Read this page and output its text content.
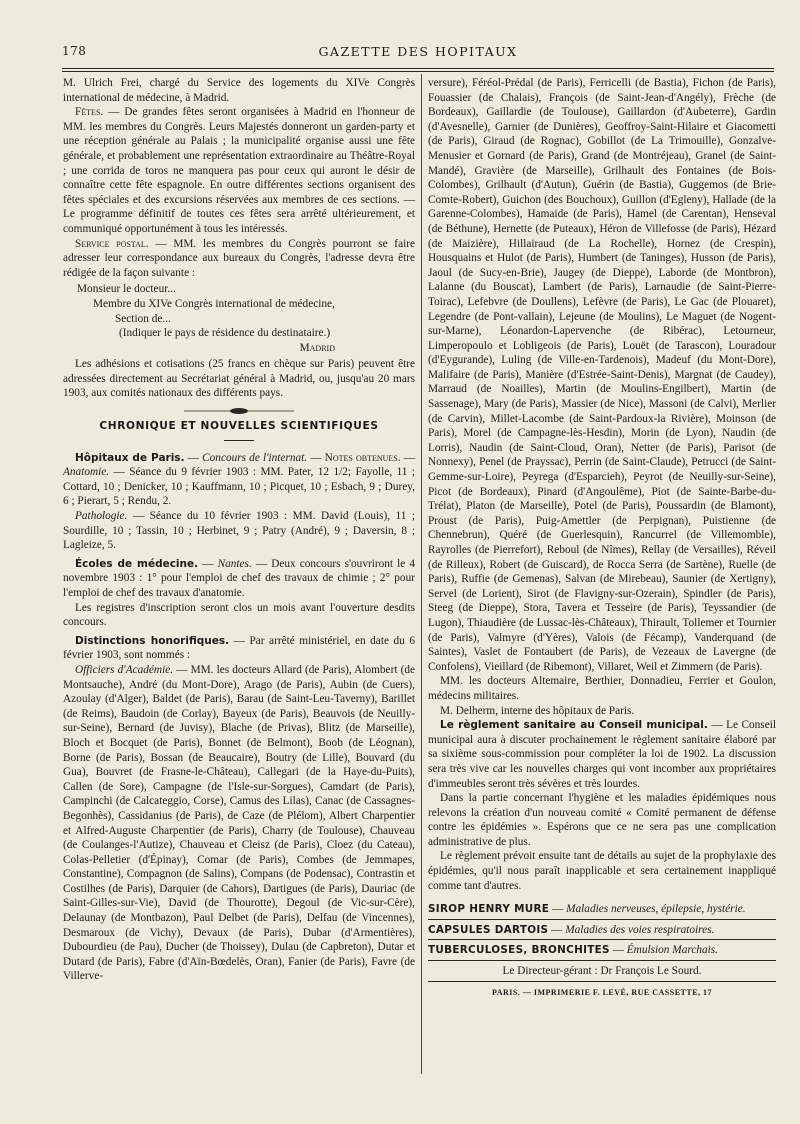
178	GAZETTE DES HOPITAUX

M. Ulrich Frei, chargé du Service des logements du XIVe Congrès international de médecine, à Madrid.

Fêtes. — De grandes fêtes seront organisées à Madrid en l'honneur de MM. les membres du Congrès. Leurs Majestés donneront un garden-party et une réception générale au Palais ; la municipalité organise aussi une fête générale, et probablement une représentation extraordinaire au Théâtre-Royal ; une corrida de toros ne manquera pas pour ceux qui auront le désir de connaître cette fête espagnole. En outre différentes sections organisent des fêtes spéciales et des excursions réservées aux membres de ces sections. — Le programme définitif de toutes ces fêtes sera arrêté ultérieurement, et communiqué opportunément à tous les intéressés.

Service postal. — MM. les membres du Congrès pourront se faire adresser leur correspondance aux bureaux du Congrès, l'adresse devra être rédigée de la façon suivante :

Monsieur le docteur...
Membre du XIVe Congrès international de médecine,
Section de...
(Indiquer le pays de résidence du destinataire.)
Madrid

Les adhésions et cotisations (25 francs en chèque sur Paris) peuvent être adressées directement au Secrétariat général à Madrid, ou, jusqu'au 20 mars 1903, aux comités nationaux des différents pays.

CHRONIQUE ET NOUVELLES SCIENTIFIQUES

Hôpitaux de Paris. — Concours de l'internat. — Notes obtenues. — Anatomie. — Séance du 9 février 1903 : MM. Pater, 12 1/2; Fayolle, 11 ; Cottard, 10 ; Denicker, 10 ; Kauffmann, 10 ; Picquet, 10 ; Esbach, 9 ; Durey, 6 ; Pierart, 5 ; Rendu, 2.

Pathologie. — Séance du 10 février 1903 : MM. David (Louis), 11 ; Sourdille, 10 ; Tassin, 10 ; Herbinet, 9 ; Patry (André), 9 ; Daversin, 8 ; Lagleize, 5.

Écoles de médecine. — Nantes. — Deux concours s'ouvriront le 4 novembre 1903 : 1° pour l'emploi de chef des travaux de chimie ; 2° pour l'emploi de chef des travaux d'anatomie.

Les registres d'inscription seront clos un mois avant l'ouverture desdits concours.

Distinctions honorifiques. — Par arrêté ministériel, en date du 6 février 1903, sont nommés :

Officiers d'Académie. — MM. les docteurs Allard (de Paris), Alombert (de Montsauche), André (du Mont-Dore), Arago (de Paris), Aubin (de Cuers), Azoulay (d'Alger), Baldet (de Paris), Barau (de Saint-Leu-Taverny), Barillet (de Reims), Baudoin (de Corlay), Bayeux (de Paris), Beauvois (de Neuilly-sur-Seine), Bernard (de Juvisy), Blache (de Privas), Blitz (de Marseille), Bloch et Bocquet (de Paris), Bonnet (de Belmont), Boob (de Léognan), Borne (de Paris), Bossan (de Beaucaire), Boutry (de Lille), Bouvard (du Gua), Bouvret (de Frasne-le-Château), Callegari (de la Haye-du-Puits), Callen (de Sore), Campagne (de l'Isle-sur-Sorgues), Camdart (de Paris), Campinchi (de Calcateggio, Corse), Camus des Lilas), Canac (de Cassagnes-Begonhès), Cassidanius (de Paris), de Caze (de Plélom), Albert Charpentier et Alfred-Auguste Charpentier (de Paris), Charry (de Toulouse), Chauveau (de Coulanges-l'Autize), Chauveau et Cleisz (de Paris), Cloez (du Cateau), Colas-Pelletier (d'Épinay), Comar (de Paris), Combes (de Jemmapes, Constantine), Compagnon (de Salins), Compans (de Podensac), Contrastin et Costilhes (de Paris), Darquier (de Cahors), Dartigues (de Paris), Dauriac (de Saint-Gilles-sur-Vie), David (de Thourotte), Degoul (de Vic-sur-Cère), Delaunay (de Montbazon), Paul Delbet (de Paris), Delfau (de Vincennes), Desmaroux (de Vichy), Devaux (de Paris), Dubar (d'Armentières), Dubourdieu (de Pau), Ducher (de Thoissey), Dulau (de Capbreton), Dutar et Dutard (de Paris), Fabre (d'Aïn-Bœdelès, Oran), Fanier (de Paris), Favre (de Villerve-

versure), Féréol-Prédal (de Paris), Ferricelli (de Bastia), Fichon (de Paris), Fouassier (de Chalais), François (de Saint-Jean-d'Angély), Frèche (de Bordeaux), Gaillardie (de Toulouse), Gaillardon (d'Aubeterre), Gardin (d'Avesnelle), Garnier (de Dunières), Geoffroy-Saint-Hilaire et Giacometti (de Paris), Giraud (de Rognac), Gobillot (de La Trimouille), Gonzalve-Menusier et Gornard (de Paris), Grand (de Montréjeau), Granel (de Saint-Mandé), Gravière (de Marseille), Grilhault des Fontaines (de Bois-Colombes), Grilhault (d'Autun), Guérin (de Bastia), Guggemos (de Brie-Comte-Robert), Guichon (des Bouchoux), Guillon (d'Egleny), Hallade (de la Garenne-Colombes), Hamaide (de Paris), Hamel (de Carentan), Henseval (de Béthune), Hernette (de Puteaux), Héron de Villefosse (de Paris), Hézard (de Maizière), Hillairaud (de La Rochelle), Hornez (de Crespin), Housquains et Hulot (de Paris), Humbert (de Taninges), Husson (de Paris), Jaoul (de Sucy-en-Brie), Jaugey (de Dieppe), Laborde (de Montbron), Lalanne (du Bouscat), Lambert (de Paris), Larnaudie (de Saint-Pierre-Toirac), Lefebvre (de Doullens), Lefèvre (de Paris), Le Gac (de Plouaret), Legendre (de Pont-vallain), Lejeune (de Moulins), Le Maguet (de Nogent-sur-Marne), Léonardon-Lapervenche (de Ribérac), Letourneur, Limperopoulo et Lobligeois (de Paris), Louët (de Tarascon), Louradour (d'Eygurande), Luling (de Ville-en-Tardenois), Madeuf (du Mont-Dore), Malifaire (de Paris), Manière (d'Estrée-Saint-Denis), Margnat (de Caudey), Marraud (de Noailles), Martin (de Moulins-Engilbert), Martin (de Sassenage), Mary (de Paris), Massier (de Nice), Massoni (de Calvi), Merlier (de Carvin), Millet-Lacombe (de Saint-Pardoux-la Rivière), Moinson (de Paris), Morel (de Campagne-lès-Hesdin), Morin (de Lyon), Naudin (de Lorris), Naudin (de Saint-Cloud, Oran), Netter (de Paris), Parisot (de Nonnexy), Penel (de Prayssac), Perrin (de Saint-Claude), Petrucci (de Saint-Gemme-sur-Loire), Peyrega (d'Esparcieh), Peyrot (de Neuilly-sur-Seine), Picot (de Bordeaux), Pinard (d'Angoulême), Piot (de Sainte-Barbe-du-Trélat), Platon (de Marseille), Potel (de Paris), Poussardin (de Blamont), Proust (de Paris), Puig-Amettler (de Perpignan), Puistienne (de Chennebrun), Quéré (de Guerlesquin), Rancurrel (de Villemomble), Rayrolles (de Pierrefort), Reboul (de Nîmes), Rellay (de Versailles), Réveil (de Rilleux), Robert (de Guiscard), de Rocca Serra (de Sartène), Ruelle (de Paris), Ruffie (de Gemenas), Salvan (de Mirebeau), Saunier (de Xertigny), Servel (de Lorient), Sirot (de Flavigny-sur-Ozerain), Spindler (de Paris), Steeg (de Dieppe), Stora, Tavera et Tesseire (de Paris), Teyssandier (de Lugon), Thiaudière (de Lussac-lès-Châteaux), Thirault, Tollemer et Tournier (de Paris), Valmyre (d'Yères), Valois (de Fécamp), Vanderquand (de Saintes), Vaslet de Fontaubert (de Paris), de Vezeaux de Lavergne (de Confolens), Vieillard (de Ribemont), Villaret, Weil et Zimmern (de Paris).

MM. les docteurs Altemaire, Berthier, Donnadieu, Ferrier et Goulon, médecins militaires.

M. Delherm, interne des hôpitaux de Paris.

Le règlement sanitaire au Conseil municipal. — Le Conseil municipal aura à discuter prochainement le règlement sanitaire élaboré par sa sixième sous-commission pour compléter la loi de 1902. La discussion sera très vive car les nouvelles charges qui vont incomber aux propriétaires d'immeubles seront très sévères et très lourdes.

Dans la partie concernant l'hygiène et les maladies épidémiques nous relevons la création d'un nouveau comité « Comité permanent de défense contre les épidémies ». Espérons que ce ne sera pas une complication administrative de plus.

Le règlement prévoit ensuite tant de détails au sujet de la prophylaxie des épidémies, qu'il nous paraît inapplicable et sera certainement inappliqué comme tant d'autres.

SIROP HENRY MURE — Maladies nerveuses, épilepsie, hystérie.
CAPSULES DARTOIS — Maladies des voies respiratoires.
TUBERCULOSES, BRONCHITES — Émulsion Marchais.
Le Directeur-gérant : Dr François Le Sourd.
PARIS. — IMPRIMERIE F. LEVÉ, RUE CASSETTE, 17
